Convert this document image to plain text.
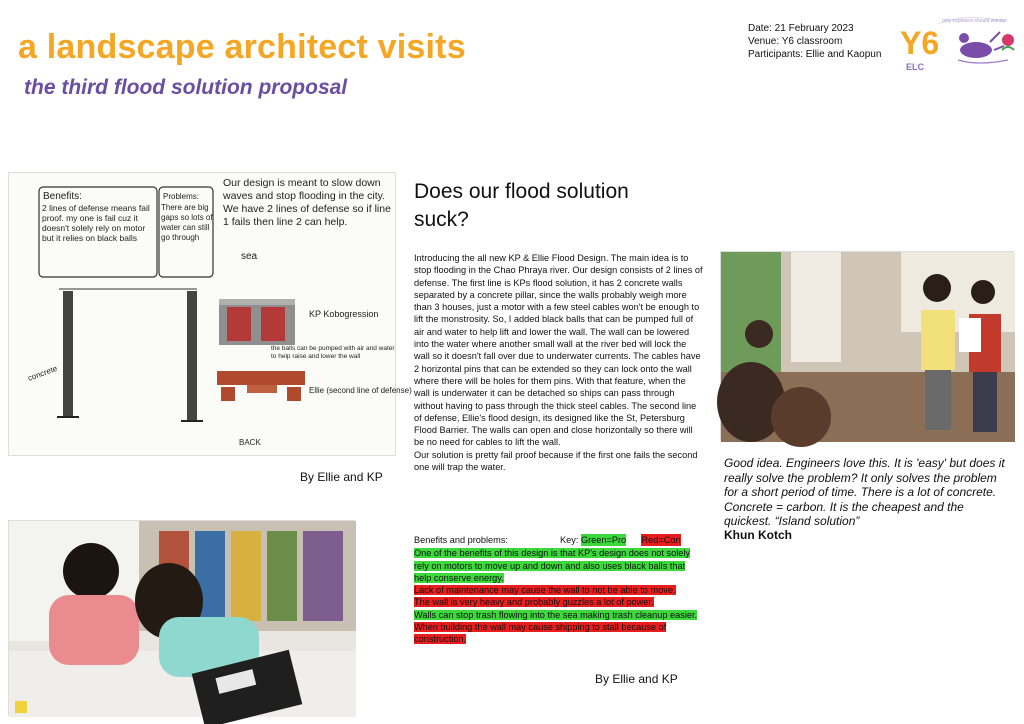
a landscape architect visits
the third flood solution proposal
Date: 21 February 2023
Venue: Y6 classroom
Participants: Ellie and Kaopun Y6
ELC
only explorers should wander
Benefits:
2 lines of defense means fail proof. my one is fail cuz it doesn't solely rely on motor but it relies on black balls
Problems:
There are big gaps so lots of water can still go through
Our design is meant to slow down waves and stop flooding in the city. We have 2 lines of defense so if line 1 fails then line 2 can help.
sea
concrete
KP Kobogression
the balls can be pumped with air and water to help raise and lower the wall
Ellie (second line of defense)
BACK
By Ellie and KP
Does our flood solution suck?

Introducing the all new KP & Ellie Flood Design. The main idea is to stop flooding in the Chao Phraya river. Our design consists of 2 lines of defense. The first line is KPs flood solution, it has 2 concrete walls separated by a concrete pillar, since the walls probably weigh more than 3 houses, just a motor with a few steel cables won't be enough to lift the monstrosity. So, I added black balls that can be pumped full of air and water to help lift and lower the wall. The wall can be lowered into the water where another small wall at the river bed will lock the wall so it doesn't fall over due to underwater currents. The cables have 2 horizontal pins that can be extended so they can lock onto the wall where there will be holes for them pins. With that feature, when the wall is underwater it can be detached so ships can pass through without having to pass through the thick steel cables. The second line of defense, Ellie's flood design, its designed like the St, Petersburg Flood Barrier. The walls can open and close horizontally so there will be no need for cables to lift the wall.

Our solution is pretty fail proof because if the first one fails the second one will trap the water.

Benefits and problems:	Key:
Green=Pro
Red=Con
One of the benefits of this design is that KP's design does not solely rely on motors to move up and down and also uses black balls that help conserve energy.
Lack of maintenance may cause the wall to not be able to move.
The wall is very heavy and probably guzzles a lot of power.
Walls can stop trash flowing into the sea making trash cleanup easier.
When building the wall may cause shipping to stall because of construction.
By Ellie and KP
Good idea. Engineers love this. It is 'easy' but does it really solve the problem? It only solves the problem for a short period of time. There is a lot of concrete. Concrete = carbon. It is the cheapest and the quickest. “Island solution”
Khun Kotch
